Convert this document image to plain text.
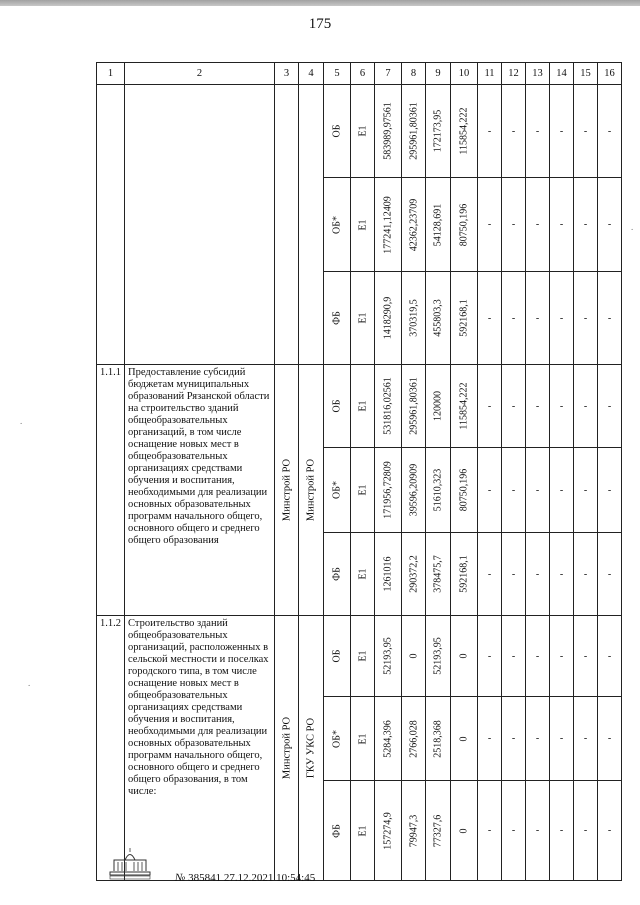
175
1	2	3	4	5	6	7	8	9	10	11	12	13	14	15	16

				ОБ	Е1	583989,97561	295961,80361	172173,95	115854,222	-	-	-	-	-	-

				ОБ*	Е1	177241,12409	42362,23709	54128,691	80750,196	-	-	-	-	-	-

				ФБ	Е1	1418290,9	370319,5	455803,3	592168,1	-	-	-	-	-	-
1.1.1	Предоставление субсидий бюджетам муниципальных образований Рязанской области на строительство зданий общеобразовательных организаций, в том числе оснащение новых мест в общеобразовательных организациях средствами обучения и воспитания, необходимыми для реализации основных образовательных программ начального общего, основного общего и среднего общего образования	Минстрой РО	Минстрой РО	ОБ	Е1	531816,02561	295961,80361	120000	115854,222	-	-	-	-	-	-

				ОБ*	Е1	171956,72809	39596,20909	51610,323	80750,196	-	-	-	-	-	-

				ФБ	Е1	1261016	290372,2	378475,7	592168,1	-	-	-	-	-	-
1.1.2	Строительство зданий общеобразовательных организаций, расположенных в сельской местности и поселках городского типа, в том числе оснащение новых мест в общеобразовательных организациях средствами обучения и воспитания, необходимыми для реализации основных образовательных программ начального общего, основного общего и среднего общего образования, в том числе:	Минстрой РО	ГКУ УКС РО	ОБ	Е1	52193,95	0	52193,95	0	-	-	-	-	-	-

				ОБ*	Е1	5284,396	2766,028	2518,368	0	-	-	-	-	-	-

				ФБ	Е1	157274,9	79947,3	77327,6	0	-	-	-	-	-	-
№ 385841 27.12.2021 10:54:45
.
.
.
